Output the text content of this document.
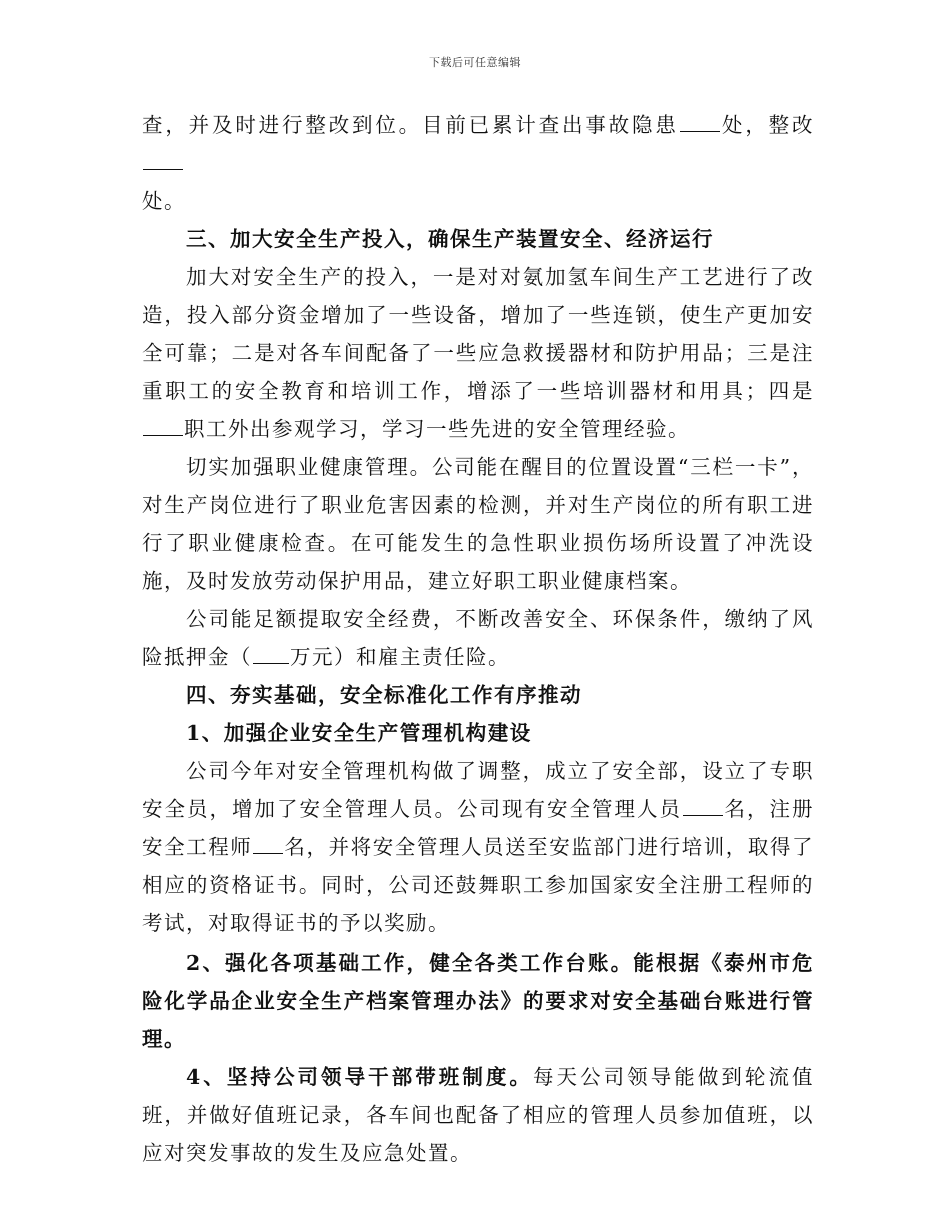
下载后可任意编辑

查，并及时进行整改到位。目前已累计查出事故隐患 处，整改
处。

三、加大安全生产投入，确保生产装置安全、经济运行

加大对安全生产的投入，一是对对氨加氢车间生产工艺进行了改造，投入部分资金增加了一些设备，增加了一些连锁，使生产更加安全可靠；二是对各车间配备了一些应急救援器材和防护用品；三是注重职工的安全教育和培训工作，增添了一些培训器材和用具；四是职工外出参观学习，学习一些先进的安全管理经验。

切实加强职业健康管理。公司能在醒目的位置设置“三栏一卡”，对生产岗位进行了职业危害因素的检测，并对生产岗位的所有职工进行了职业健康检查。在可能发生的急性职业损伤场所设置了冲洗设施，及时发放劳动保护用品，建立好职工职业健康档案。

公司能足额提取安全经费，不断改善安全、环保条件，缴纳了风险抵押金（ 万元）和雇主责任险。

四、夯实基础，安全标准化工作有序推动

1、加强企业安全生产管理机构建设

公司今年对安全管理机构做了调整，成立了安全部，设立了专职安全员，增加了安全管理人员。公司现有安全管理人员 名，注册安全工程师 名，并将安全管理人员送至安监部门进行培训，取得了相应的资格证书。同时，公司还鼓舞职工参加国家安全注册工程师的考试，对取得证书的予以奖励。

2、强化各项基础工作，健全各类工作台账。能根据《泰州市危险化学品企业安全生产档案管理办法》的要求对安全基础台账进行管理。

4、坚持公司领导干部带班制度。每天公司领导能做到轮流值班，并做好值班记录，各车间也配备了相应的管理人员参加值班，以应对突发事故的发生及应急处置。
